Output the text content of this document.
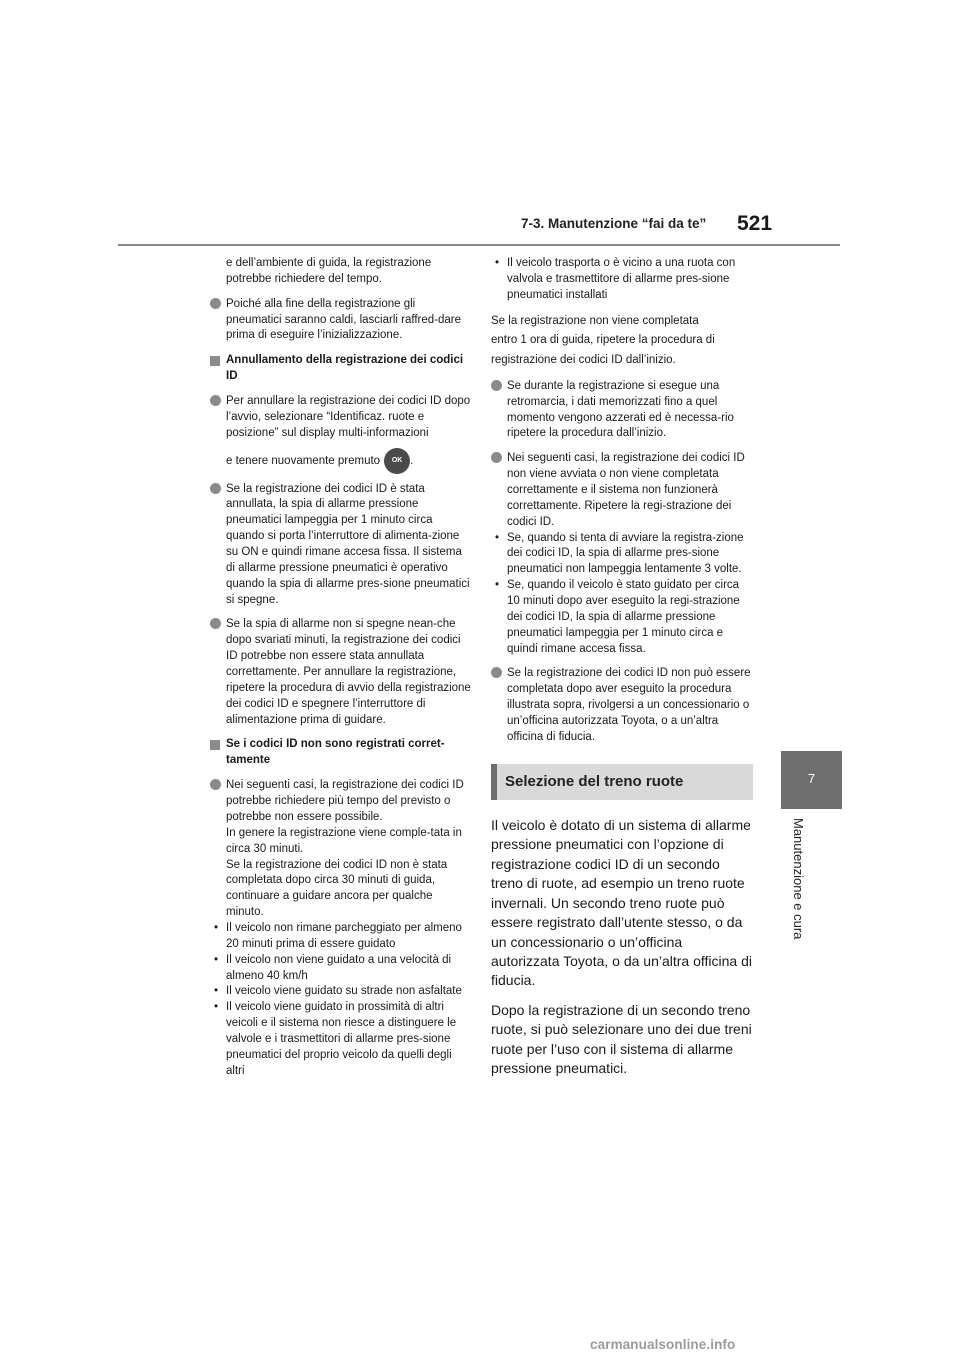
7-3. Manutenzione “fai da te” 521
7
Manutenzione e cura

e dell’ambiente di guida, la registrazione potrebbe richiedere del tempo.

Poiché alla fine della registrazione gli pneumatici saranno caldi, lasciarli raffred-dare prima di eseguire l’inizializzazione.

Annullamento della registrazione dei codici ID

Per annullare la registrazione dei codici ID dopo l’avvio, selezionare “Identificaz. ruote e posizione” sul display multi-informazioni

e tenere nuovamente premuto	OK .

Se la registrazione dei codici ID è stata annullata, la spia di allarme pressione pneumatici lampeggia per 1 minuto circa quando si porta l’interruttore di alimenta-zione su ON e quindi rimane accesa fissa. Il sistema di allarme pressione pneumatici è operativo quando la spia di allarme pres-sione pneumatici si spegne.

Se la spia di allarme non si spegne nean-che dopo svariati minuti, la registrazione dei codici ID potrebbe non essere stata annullata correttamente. Per annullare la registrazione, ripetere la procedura di avvio della registrazione dei codici ID e spegnere l’interruttore di alimentazione prima di guidare.

Se i codici ID non sono registrati corret-tamente

Nei seguenti casi, la registrazione dei codici ID potrebbe richiedere più tempo del previsto o potrebbe non essere possibile.
In genere la registrazione viene comple-tata in circa 30 minuti.
Se la registrazione dei codici ID non è stata completata dopo circa 30 minuti di guida, continuare a guidare ancora per qualche minuto.
• Il veicolo non rimane parcheggiato per almeno 20 minuti prima di essere guidato
• Il veicolo non viene guidato a una velocità di almeno 40 km/h
• Il veicolo viene guidato su strade non asfaltate
• Il veicolo viene guidato in prossimità di altri veicoli e il sistema non riesce a distinguere le valvole e i trasmettitori di allarme pres-sione pneumatici del proprio veicolo da quelli degli altri
• Il veicolo trasporta o è vicino a una ruota con valvola e trasmettitore di allarme pres-sione pneumatici installati

Se la registrazione non viene completata

entro 1 ora di guida, ripetere la procedura di

registrazione dei codici ID dall’inizio.

Se durante la registrazione si esegue una retromarcia, i dati memorizzati fino a quel momento vengono azzerati ed è necessa-rio ripetere la procedura dall’inizio.

Nei seguenti casi, la registrazione dei codici ID non viene avviata o non viene completata correttamente e il sistema non funzionerà correttamente. Ripetere la regi-strazione dei codici ID.

• Se, quando si tenta di avviare la registra-zione dei codici ID, la spia di allarme pres-sione pneumatici non lampeggia lentamente 3 volte.
• Se, quando il veicolo è stato guidato per circa 10 minuti dopo aver eseguito la regi-strazione dei codici ID, la spia di allarme pressione pneumatici lampeggia per 1 minuto circa e quindi rimane accesa fissa.

Se la registrazione dei codici ID non può essere completata dopo aver eseguito la procedura illustrata sopra, rivolgersi a un concessionario o un’officina autorizzata Toyota, o a un’altra officina di fiducia.

Selezione del treno ruote

Il veicolo è dotato di un sistema di allarme pressione pneumatici con l’opzione di registrazione codici ID di un secondo treno di ruote, ad esempio un treno ruote invernali. Un secondo treno ruote può essere registrato dall’utente stesso, o da un concessionario o un’officina autorizzata Toyota, o da un’altra officina di fiducia.

Dopo la registrazione di un secondo treno ruote, si può selezionare uno dei due treni ruote per l’uso con il sistema di allarme pressione pneumatici.

carmanualsonline.info
